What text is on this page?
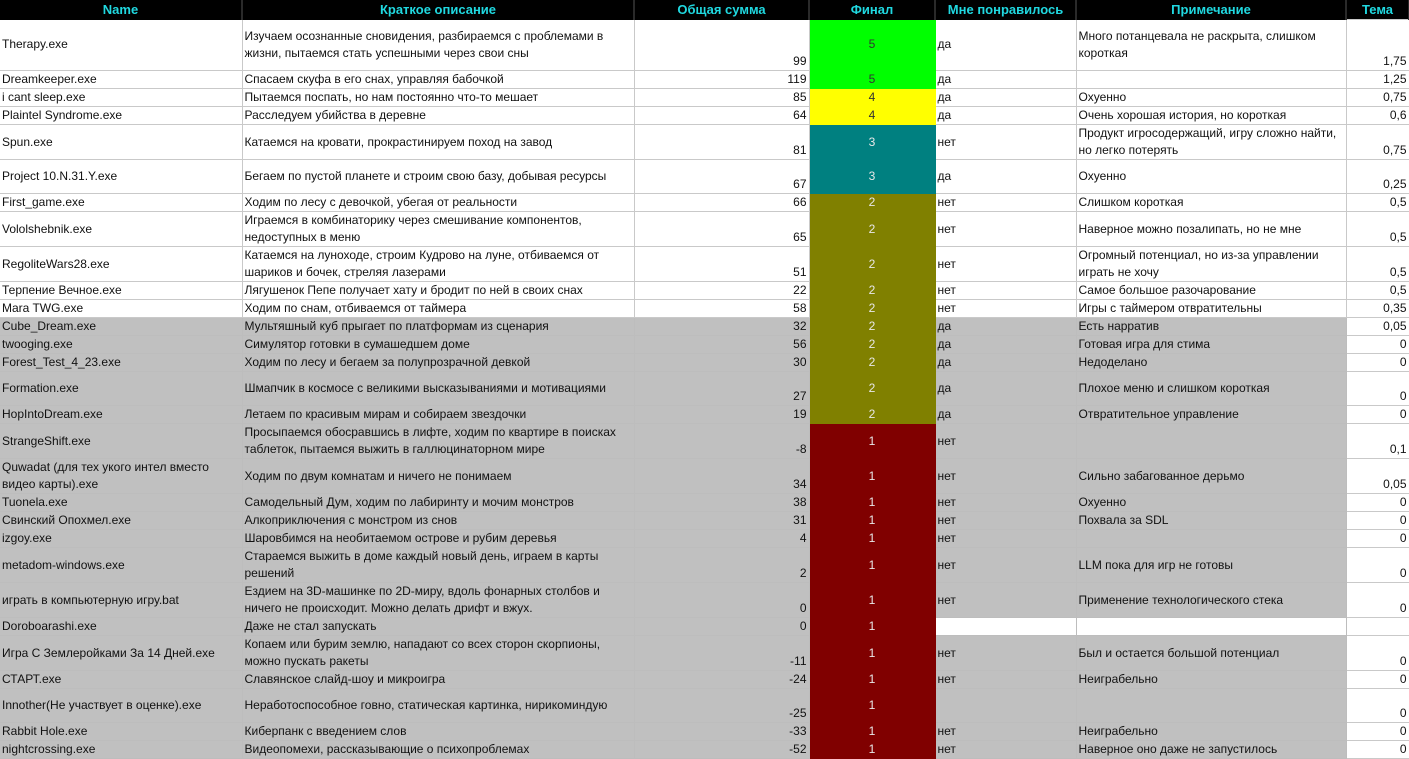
Name	Краткое описание	Общая сумма	Финал	Мне понравилось	Примечание	Тема
Therapy.exe	Изучаем осознанные сновидения, разбираемся с проблемами в жизни, пытаемся стать успешными через свои сны	99	5	да	Много потанцевала не раскрыта, слишком короткая	1,75
Dreamkeeper.exe	Спасаем скуфа в его снах, управляя бабочкой	119	5	да		1,25
i cant sleep.exe	Пытаемся поспать, но нам постоянно что-то мешает	85	4	да	Охуенно	0,75
Plaintel Syndrome.exe	Расследуем убийства в деревне	64	4	да	Очень хорошая история, но короткая	0,6
Spun.exe	Катаемся на кровати, прокрастинируем поход на завод	81	3	нет	Продукт игросодержащий, игру сложно найти, но легко потерять	0,75
Project 10.N.31.Y.exe	Бегаем по пустой планете и строим свою базу, добывая ресурсы	67	3	да	Охуенно	0,25
First_game.exe	Ходим по лесу с девочкой, убегая от реальности	66	2	нет	Слишком короткая	0,5
Vololshebnik.exe	Играемся в комбинаторику через смешивание компонентов, недоступных в меню	65	2	нет	Наверное можно позалипать, но не мне	0,5
RegoliteWars28.exe	Катаемся на луноходе, строим Кудрово на луне, отбиваемся от шариков и бочек, стреляя лазерами	51	2	нет	Огромный потенциал, но из-за управлении играть не хочу	0,5
Терпение Вечное.exe	Лягушенок Пепе получает хату и бродит по ней в своих снах	22	2	нет	Самое большое разочарование	0,5
Mara TWG.exe	Ходим по снам, отбиваемся от таймера	58	2	нет	Игры с таймером отвратительны	0,35
Cube_Dream.exe	Мультяшный куб прыгает по платформам из сценария	32	2	да	Есть нарратив	0,05
twooging.exe	Симулятор готовки в сумашедшем доме	56	2	да	Готовая игра для стима	0
Forest_Test_4_23.exe	Ходим по лесу и бегаем за полупрозрачной девкой	30	2	да	Недоделано	0
Formation.exe	Шмапчик в космосе с великими высказываниями и мотивациями	27	2	да	Плохое меню и слишком короткая	0
HopIntoDream.exe	Летаем по красивым мирам и собираем звездочки	19	2	да	Отвратительное управление	0
StrangeShift.exe	Просыпаемся обосравшись в лифте, ходим по квартире в поисках таблеток, пытаемся выжить в галлюцинаторном мире	-8	1	нет		0,1
Quwadat (для тех укого интел вместо видео карты).exe	Ходим по двум комнатам и ничего не понимаем	34	1	нет	Сильно забагованное дерьмо	0,05
Tuonela.exe	Самодельный Дум, ходим по лабиринту и мочим монстров	38	1	нет	Охуенно	0
Свинский Опохмел.exe	Алкоприключения с монстром из снов	31	1	нет	Похвала за SDL	0
izgoy.exe	Шаровбимся на необитаемом острове и рубим деревья	4	1	нет		0
metadom-windows.exe	Стараемся выжить в доме каждый новый день, играем в карты решений	2	1	нет	LLM пока для игр не готовы	0
играть в компьютерную игру.bat	Ездием на 3D-машинке по 2D-миру, вдоль фонарных столбов и ничего не происходит. Можно делать дрифт и вжух.	0	1	нет	Применение технологического стека	0
Doroboarashi.exe	Даже не стал запускать	0	1			
Игра С Землеройками За 14 Дней.exe	Копаем или бурим землю, нападают со всех сторон скорпионы, можно пускать ракеты	-11	1	нет	Был и остается большой потенциал	0
СТАРТ.exe	Славянское слайд-шоу и микроигра	-24	1	нет	Неиграбельно	0
Innother(Не участвует в оценке).exe	Неработоспособное говно, статическая картинка, нирикоминдую	-25	1			0
Rabbit Hole.exe	Киберпанк с введением слов	-33	1	нет	Неиграбельно	0
nightcrossing.exe	Видеопомехи, рассказывающие о психопроблемах	-52	1	нет	Наверное оно даже не запустилось	0
